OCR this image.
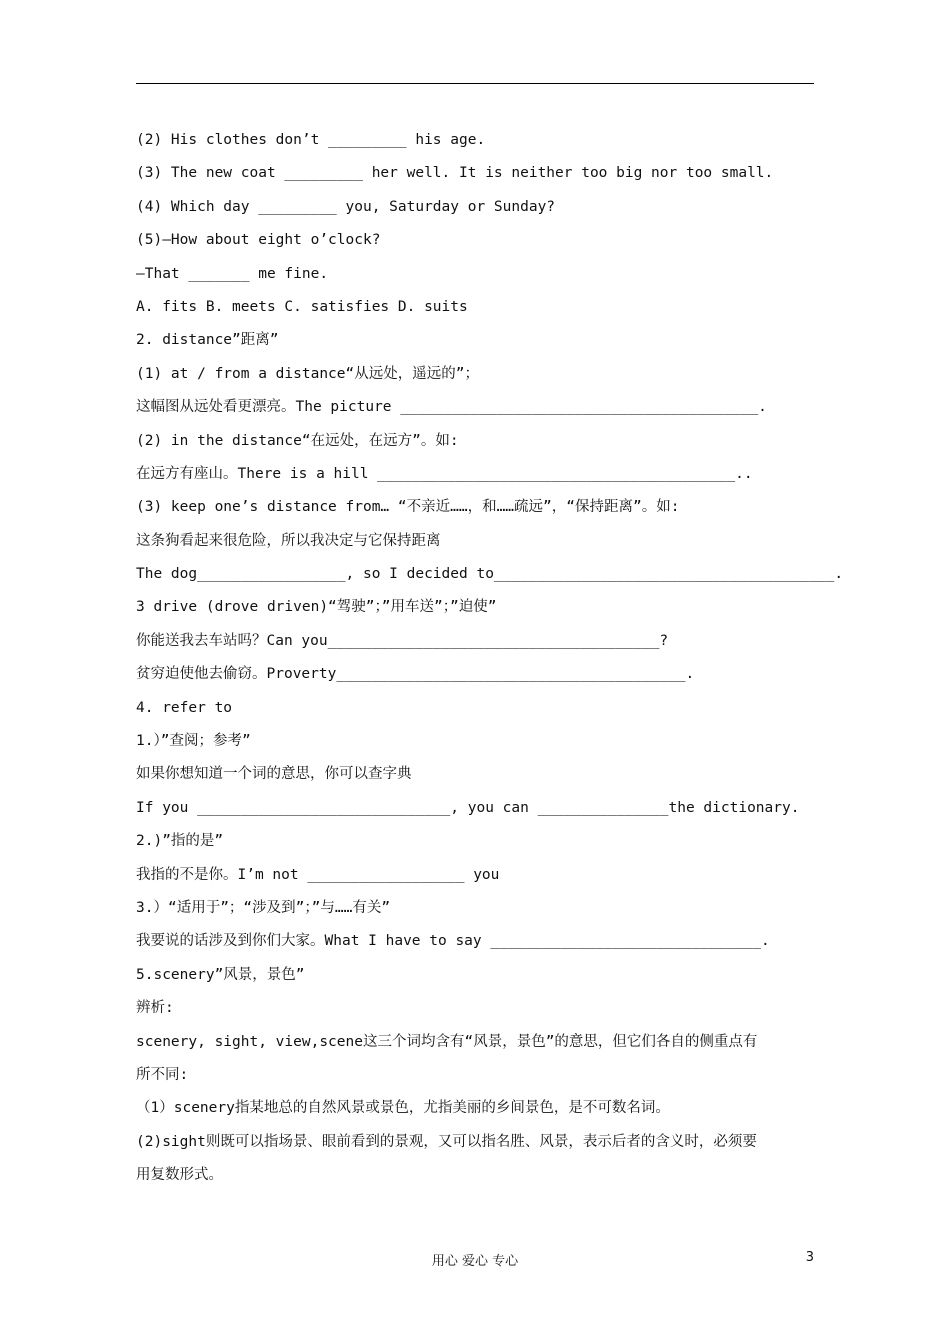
(2) His clothes don’t _________ his age.
(3) The new coat _________ her well. It is neither too big nor too small.
(4) Which day _________ you, Saturday or Sunday?
(5)—How about eight o’clock?
—That _______ me fine.
A. fits B. meets C. satisfies D. suits
2. distance”距离”
(1) at / from a distance“从远处，遥远的”；
这幅图从远处看更漂亮。The picture _________________________________________.
(2) in the distance“在远处，在远方”。如:
在远方有座山。There is a hill _________________________________________..
(3) keep one’s distance from… “不亲近……，和……疏远”，“保持距离”。如:
这条狗看起来很危险，所以我决定与它保持距离
The dog_________________, so I decided to_______________________________________.
3 drive (drove driven)“驾驶”；”用车送”；”迫使”
你能送我去车站吗？Can you______________________________________?
贫穷迫使他去偷窃。Proverty________________________________________.
4. refer to
1.）”查阅；参考”
如果你想知道一个词的意思，你可以查字典
If you _____________________________, you can _______________the dictionary.
2.)”指的是”
我指的不是你。I’m not __________________ you
3.）“适用于”；“涉及到”；”与……有关”
我要说的话涉及到你们大家。What I have to say _______________________________.
5.scenery”风景，景色”
辨析:
scenery, sight, view,scene这三个词均含有“风景，景色”的意思，但它们各自的侧重点有
所不同:
（1）scenery指某地总的自然风景或景色，尤指美丽的乡间景色，是不可数名词。
(2)sight则既可以指场景、眼前看到的景观，又可以指名胜、风景，表示后者的含义时，必须要
用复数形式。
用心 爱心 专心	3
